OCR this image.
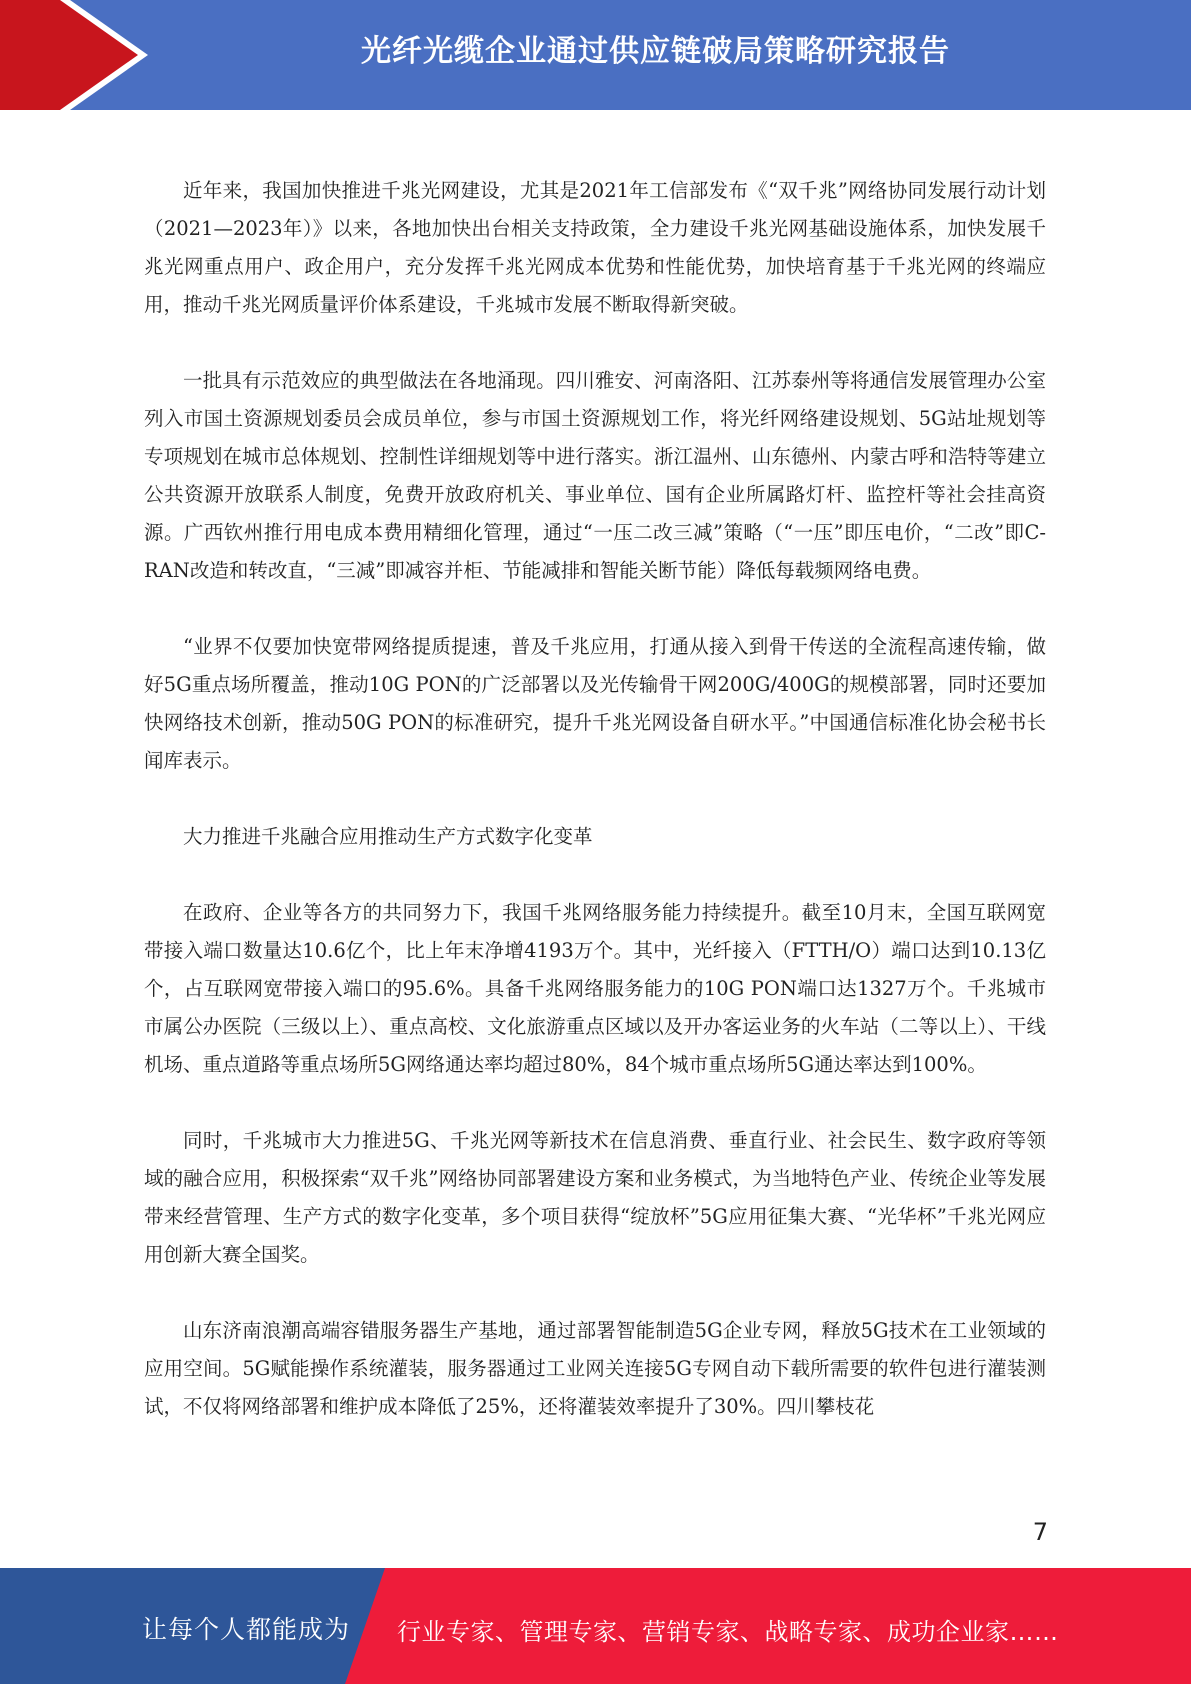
光纤光缆企业通过供应链破局策略研究报告

近年来，我国加快推进千兆光网建设，尤其是2021年工信部发布《“双千兆”网络协同发展行动计划（2021—2023年）》以来，各地加快出台相关支持政策，全力建设千兆光网基础设施体系，加快发展千兆光网重点用户、政企用户，充分发挥千兆光网成本优势和性能优势，加快培育基于千兆光网的终端应用，推动千兆光网质量评价体系建设，千兆城市发展不断取得新突破。

一批具有示范效应的典型做法在各地涌现。四川雅安、河南洛阳、江苏泰州等将通信发展管理办公室列入市国土资源规划委员会成员单位，参与市国土资源规划工作，将光纤网络建设规划、5G站址规划等专项规划在城市总体规划、控制性详细规划等中进行落实。浙江温州、山东德州、内蒙古呼和浩特等建立公共资源开放联系人制度，免费开放政府机关、事业单位、国有企业所属路灯杆、监控杆等社会挂高资源。广西钦州推行用电成本费用精细化管理，通过“一压二改三减”策略（“一压”即压电价，“二改”即C-RAN改造和转改直，“三减”即减容并柜、节能减排和智能关断节能）降低每载频网络电费。

“业界不仅要加快宽带网络提质提速，普及千兆应用，打通从接入到骨干传送的全流程高速传输，做好5G重点场所覆盖，推动10G PON的广泛部署以及光传输骨干网200G/400G的规模部署，同时还要加快网络技术创新，推动50G PON的标准研究，提升千兆光网设备自研水平。”中国通信标准化协会秘书长闻库表示。

大力推进千兆融合应用推动生产方式数字化变革

在政府、企业等各方的共同努力下，我国千兆网络服务能力持续提升。截至10月末，全国互联网宽带接入端口数量达10.6亿个，比上年末净增4193万个。其中，光纤接入（FTTH/O）端口达到10.13亿个，占互联网宽带接入端口的95.6%。具备千兆网络服务能力的10G PON端口达1327万个。千兆城市市属公办医院（三级以上）、重点高校、文化旅游重点区域以及开办客运业务的火车站（二等以上）、干线机场、重点道路等重点场所5G网络通达率均超过80%，84个城市重点场所5G通达率达到100%。

同时，千兆城市大力推进5G、千兆光网等新技术在信息消费、垂直行业、社会民生、数字政府等领域的融合应用，积极探索“双千兆”网络协同部署建设方案和业务模式，为当地特色产业、传统企业等发展带来经营管理、生产方式的数字化变革，多个项目获得“绽放杯”5G应用征集大赛、“光华杯”千兆光网应用创新大赛全国奖。

山东济南浪潮高端容错服务器生产基地，通过部署智能制造5G企业专网，释放5G技术在工业领域的应用空间。5G赋能操作系统灌装，服务器通过工业网关连接5G专网自动下载所需要的软件包进行灌装测试，不仅将网络部署和维护成本降低了25%，还将灌装效率提升了30%。四川攀枝花

7
让每个人都能成为 行业专家、管理专家、营销专家、战略专家、成功企业家……
